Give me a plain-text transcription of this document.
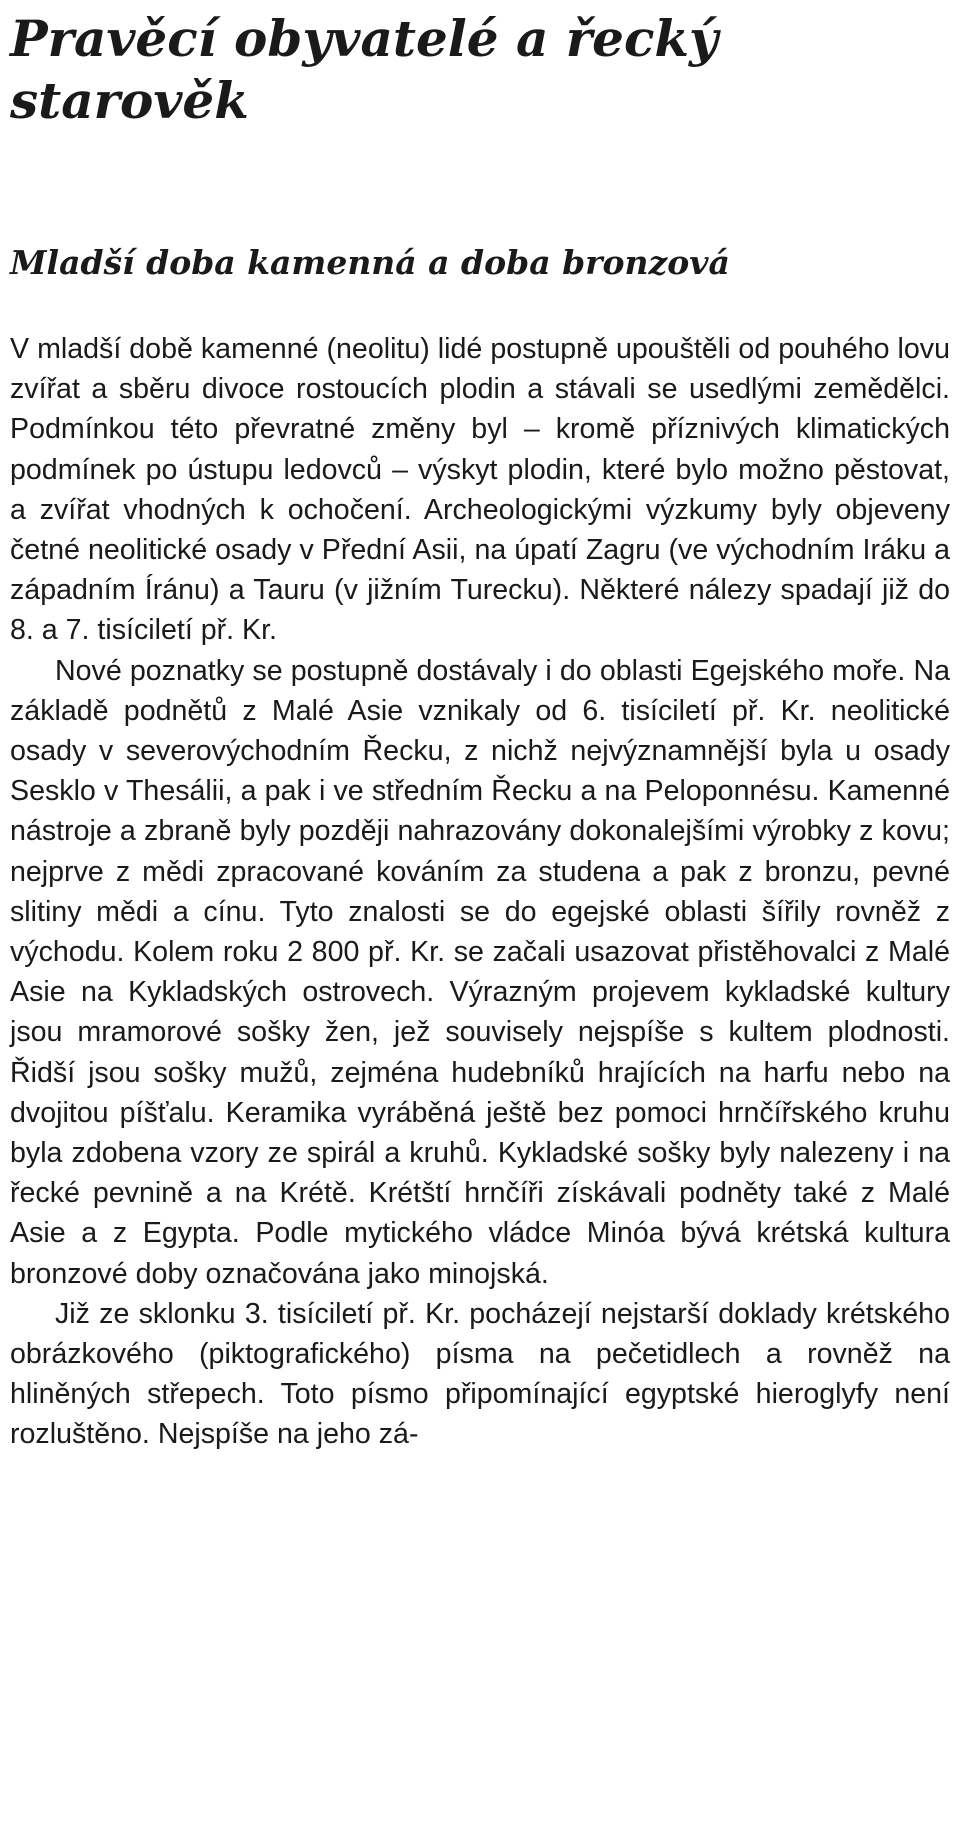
Pravěcí obyvatelé a řecký starověk
Mladší doba kamenná a doba bronzová

V mladší době kamenné (neolitu) lidé postupně upouštěli od pouhého lovu zvířat a sběru divoce rostoucích plodin a stávali se usedlými zemědělci. Podmínkou této převratné změny byl – kromě příznivých klimatických podmínek po ústupu ledovců – výskyt plodin, které bylo možno pěstovat, a zvířat vhodných k ochočení. Archeologickými výzkumy byly objeveny četné neolitické osady v Přední Asii, na úpatí Zagru (ve východním Iráku a západním Íránu) a Tauru (v jižním Turecku). Některé nálezy spadají již do 8. a 7. tisíciletí př. Kr.

Nové poznatky se postupně dostávaly i do oblasti Egejského moře. Na základě podnětů z Malé Asie vznikaly od 6. tisíciletí př. Kr. neolitické osady v severovýchodním Řecku, z nichž nejvýznamnější byla u osady Sesklo v Thesálii, a pak i ve středním Řecku a na Peloponnésu. Kamenné nástroje a zbraně byly později nahrazovány dokonalejšími výrobky z kovu; nejprve z mědi zpracované kováním za studena a pak z bronzu, pevné slitiny mědi a cínu. Tyto znalosti se do egejské oblasti šířily rovněž z východu. Kolem roku 2 800 př. Kr. se začali usazovat přistěhovalci z Malé Asie na Kykladských ostrovech. Výrazným projevem kykladské kultury jsou mramorové sošky žen, jež souvisely nejspíše s kultem plodnosti. Řidší jsou sošky mužů, zejména hudebníků hrajících na harfu nebo na dvojitou píšťalu. Keramika vyráběná ještě bez pomoci hrnčířského kruhu byla zdobena vzory ze spirál a kruhů. Kykladské sošky byly nalezeny i na řecké pevnině a na Krétě. Krétští hrnčíři získávali podněty také z Malé Asie a z Egypta. Podle mytického vládce Minóa bývá krétská kultura bronzové doby označována jako minojská.

Již ze sklonku 3. tisíciletí př. Kr. pocházejí nejstarší doklady krétského obrázkového (piktografického) písma na pečetidlech a rovněž na hliněných střepech. Toto písmo připomínající egyptské hieroglyfy není rozluštěno. Nejspíše na jeho zá-
